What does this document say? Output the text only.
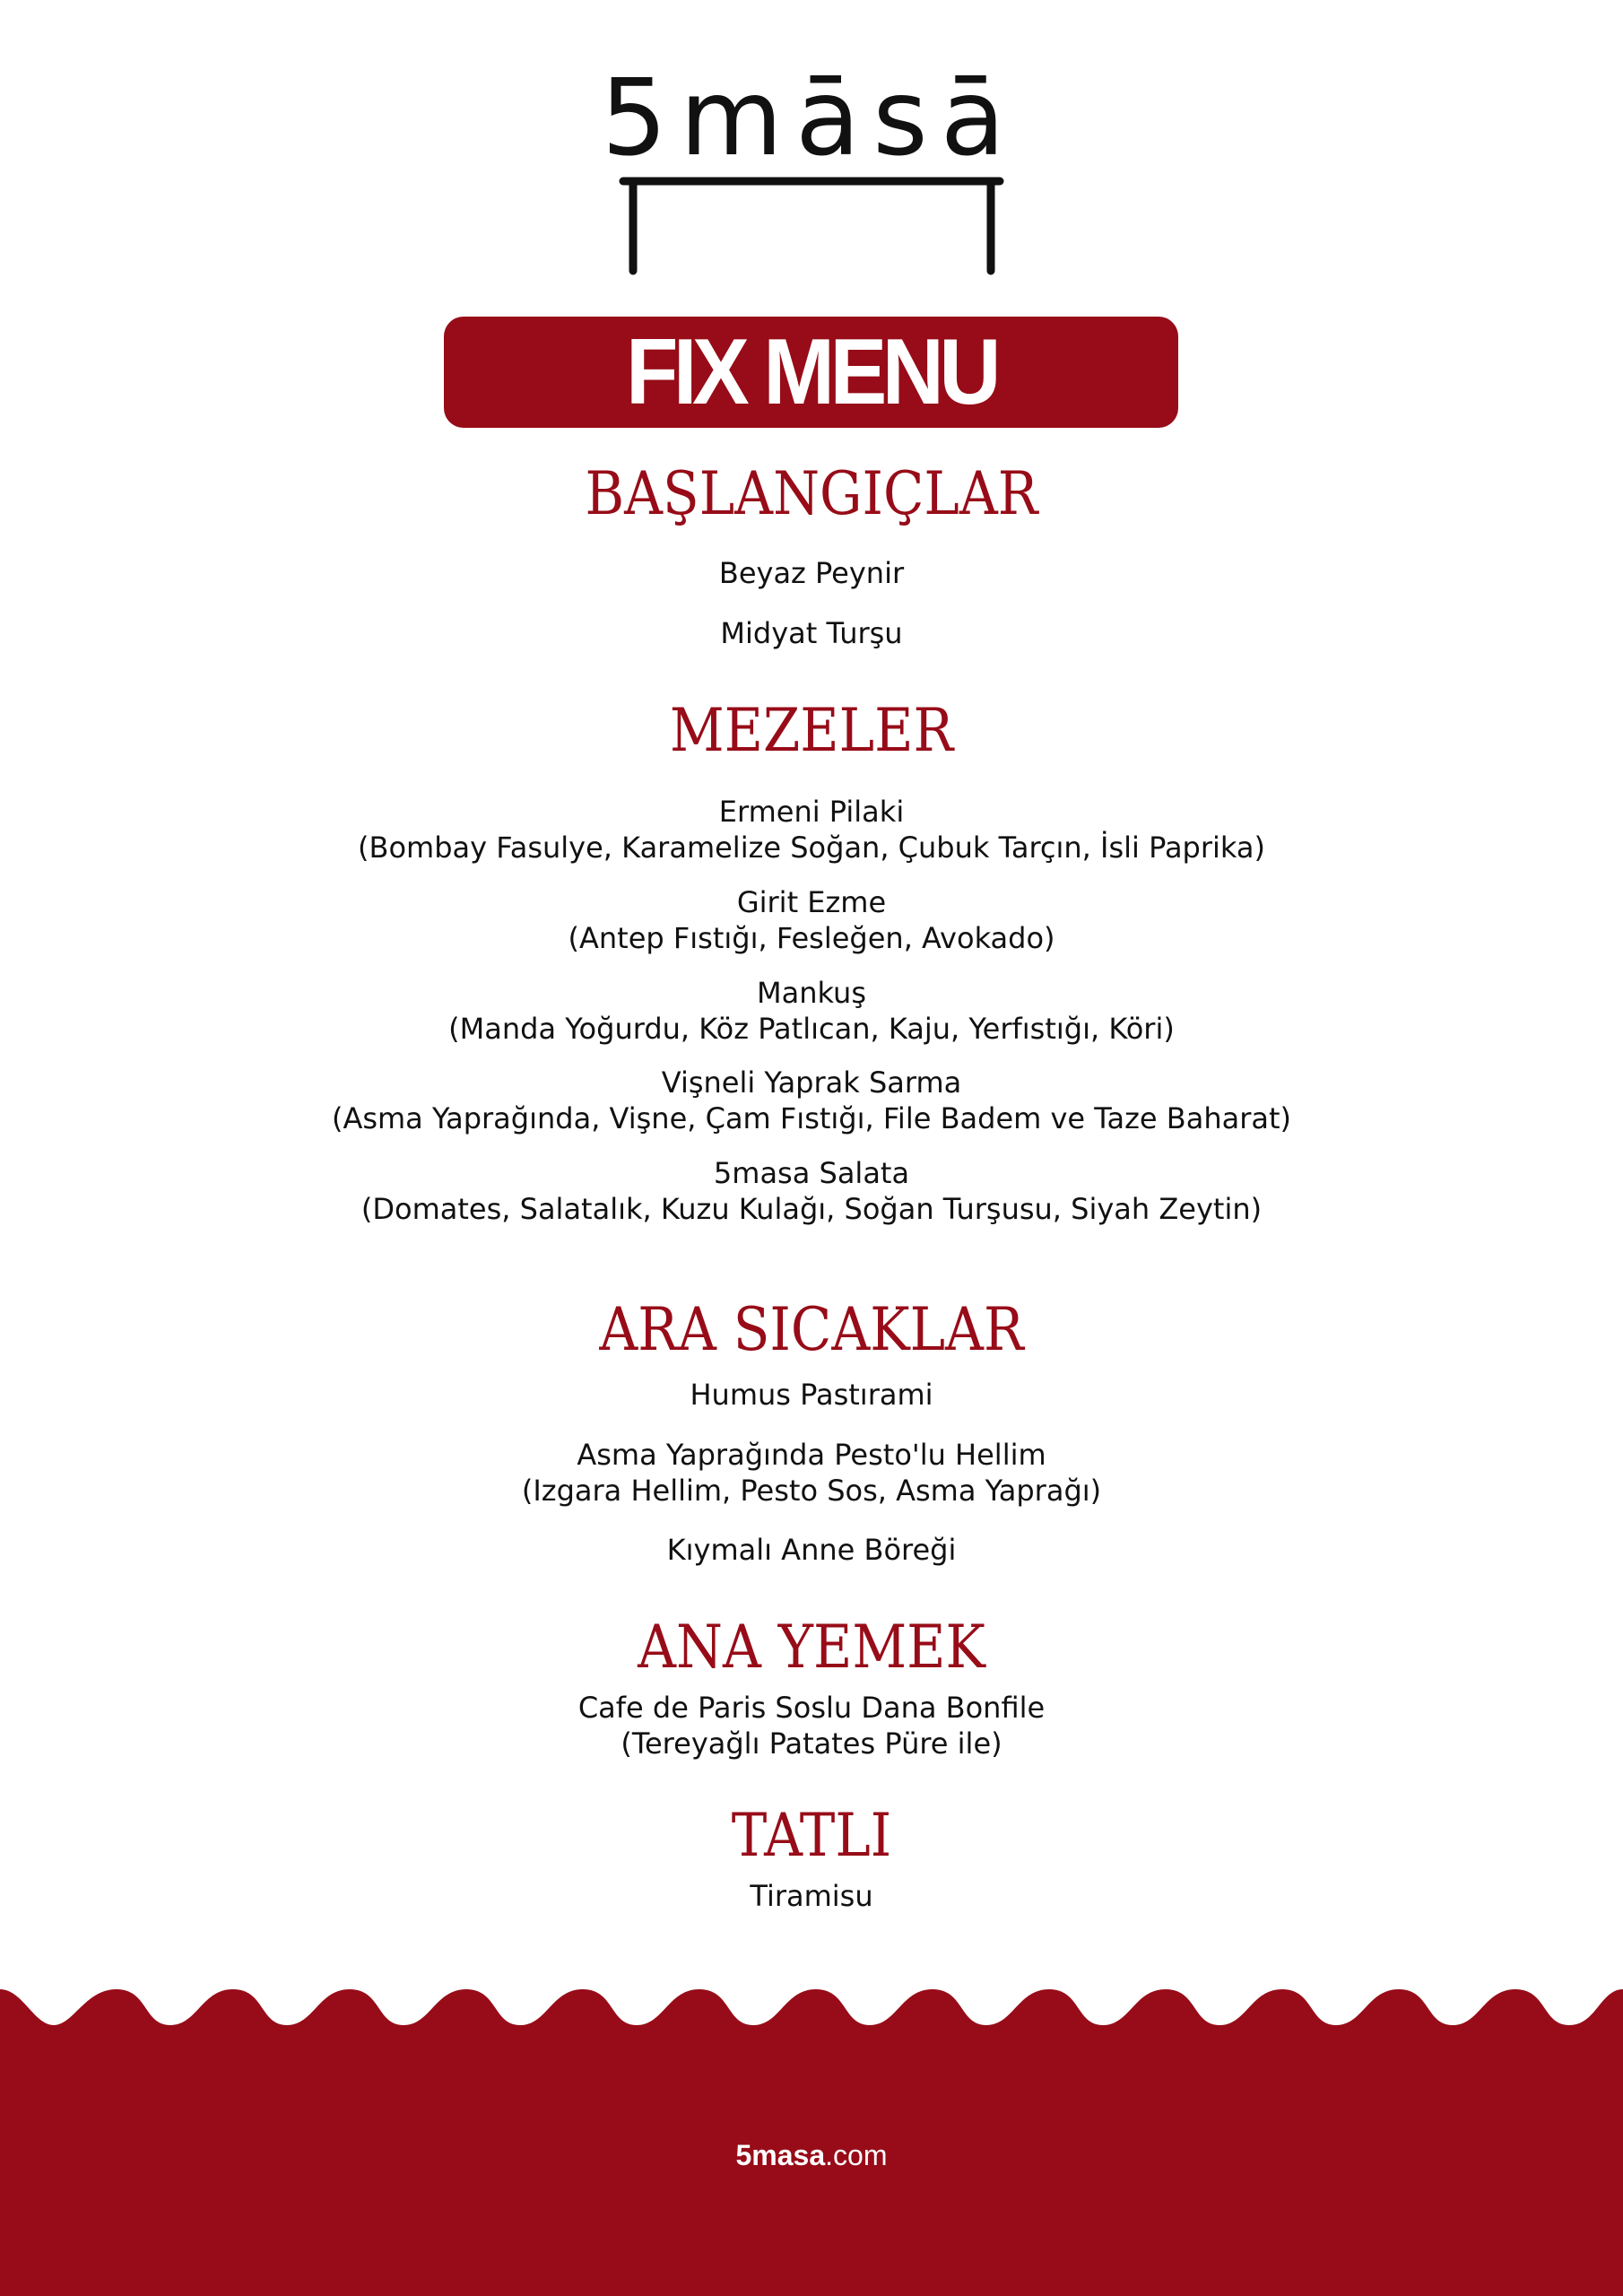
5māsā
FIX MENU
BAŞLANGIÇLAR
Beyaz Peynir
Midyat Turşu
MEZELER
Ermeni Pilaki
(Bombay Fasulye, Karamelize Soğan, Çubuk Tarçın, İsli Paprika)
Girit Ezme
(Antep Fıstığı, Fesleğen, Avokado)
Mankuş
(Manda Yoğurdu, Köz Patlıcan, Kaju, Yerfıstığı, Köri)
Vişneli Yaprak Sarma
(Asma Yaprağında, Vişne, Çam Fıstığı, File Badem ve Taze Baharat)
5masa Salata
(Domates, Salatalık, Kuzu Kulağı, Soğan Turşusu, Siyah Zeytin)
ARA SICAKLAR
Humus Pastırami
Asma Yaprağında Pesto'lu Hellim
(Izgara Hellim, Pesto Sos, Asma Yaprağı)
Kıymalı Anne Böreği
ANA YEMEK
Cafe de Paris Soslu Dana Bonfile
(Tereyağlı Patates Püre ile)
TATLI
Tiramisu
5masa.com
